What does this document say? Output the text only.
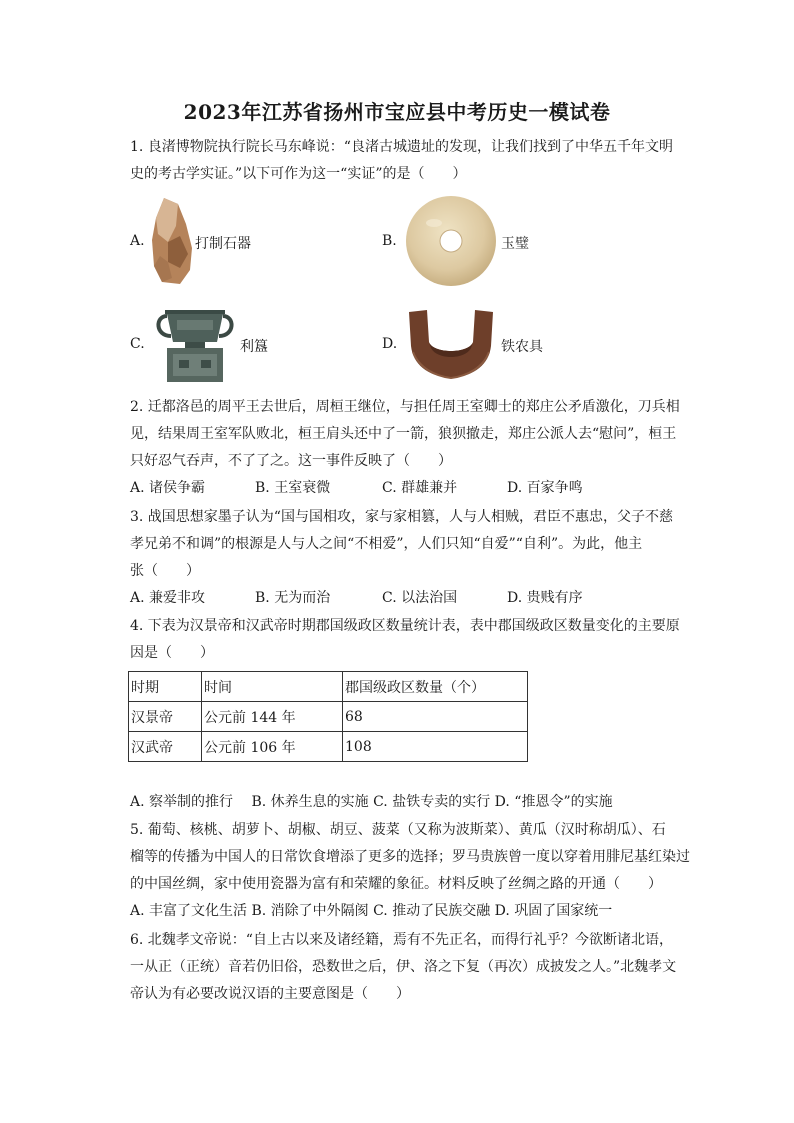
2023年江苏省扬州市宝应县中考历史一模试卷
1. 良渚博物院执行院长马东峰说：“良渚古城遗址的发现，让我们找到了中华五千年文明
史的考古学实证。”以下可作为这一“实证”的是（　　）
A.	打制石器	B.	玉璧
C.	利簋	D.	铁农具
2. 迁都洛邑的周平王去世后，周桓王继位，与担任周王室卿士的郑庄公矛盾激化，刀兵相
见，结果周王室军队败北，桓王肩头还中了一箭，狼狈撤走，郑庄公派人去“慰问”，桓王
只好忍气吞声，不了了之。这一事件反映了（　　）
A. 诸侯争霸	B. 王室衰微	C. 群雄兼并	D. 百家争鸣
3. 战国思想家墨子认为“国与国相攻，家与家相篡，人与人相贼，君臣不惠忠，父子不慈
孝兄弟不和调”的根源是人与人之间“不相爱”，人们只知“自爱”“自利”。为此，他主
张（　　）
A. 兼爱非攻	B. 无为而治	C. 以法治国	D. 贵贱有序
4. 下表为汉景帝和汉武帝时期郡国级政区数量统计表，表中郡国级政区数量变化的主要原
因是（　　）
时期	时间	郡国级政区数量（个）
汉景帝	公元前 144 年	68
汉武帝	公元前 106 年	108
A. 察举制的推行　 B. 休养生息的实施 C. 盐铁专卖的实行 D. “推恩令”的实施
5. 葡萄、核桃、胡萝卜、胡椒、胡豆、菠菜（又称为波斯菜）、黄瓜（汉时称胡瓜）、石
榴等的传播为中国人的日常饮食增添了更多的选择；罗马贵族曾一度以穿着用腓尼基红染过
的中国丝绸，家中使用瓷器为富有和荣耀的象征。材料反映了丝绸之路的开通（　　）
A. 丰富了文化生活 B. 消除了中外隔阂 C. 推动了民族交融 D. 巩固了国家统一
6. 北魏孝文帝说：“自上古以来及诸经籍，焉有不先正名，而得行礼乎？今欲断诸北语，
一从正（正统）音若仍旧俗，恐数世之后，伊、洛之下复（再次）成披发之人。”北魏孝文
帝认为有必要改说汉语的主要意图是（　　）
